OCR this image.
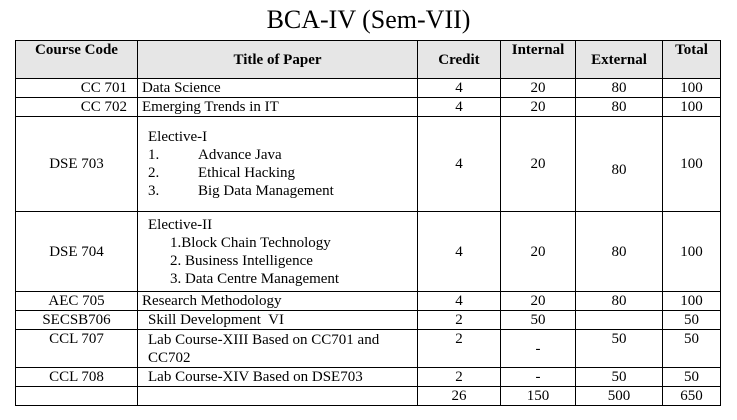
BCA-IV (Sem-VII)
Course Code	Title of Paper	Credit	Internal	External	Total
CC 701	Data Science	4	20	80	100
CC 702	Emerging Trends in IT	4	20	80	100
DSE 703	Elective-I
1. Advance Java
2. Ethical Hacking
3. Big Data Management	4	20	80	100
DSE 704	Elective-II
1.Block Chain Technology
2. Business Intelligence
3. Data Centre Management	4	20	80	100
AEC 705	Research Methodology	4	20	80	100
SECSB706	Skill Development  VI	2	50		50
CCL 707	Lab Course-XIII Based on CC701 and CC702	2	-	50	50
CCL 708	Lab Course-XIV Based on DSE703	2	-	50	50
		26	150	500	650
